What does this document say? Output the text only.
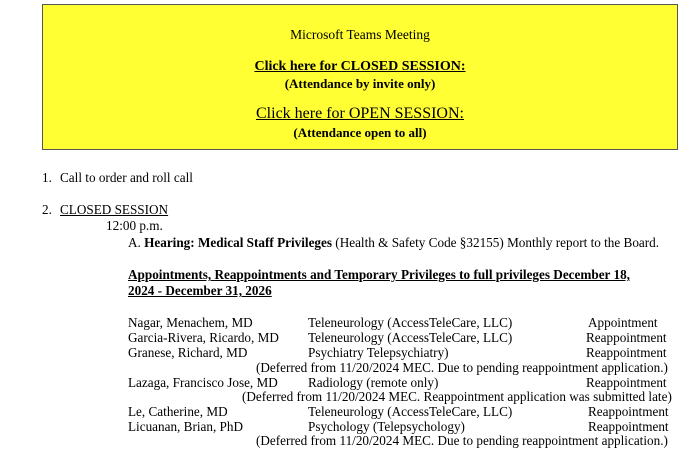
Microsoft Teams Meeting
Click here for CLOSED SESSION:
(Attendance by invite only)
Click here for OPEN SESSION:
(Attendance open to all)
1. Call to order and roll call
2. CLOSED SESSION
12:00 p.m.
A. Hearing: Medical Staff Privileges (Health & Safety Code §32155) Monthly report to the Board.
Appointments, Reappointments and Temporary Privileges to full privileges December 18,
2024 - December 31, 2026
Nagar, Menachem, MD	Teleneurology (AccessTeleCare, LLC)	Appointment
Garcia-Rivera, Ricardo, MD Teleneurology (AccessTeleCare, LLC)	Reappointment
Granese, Richard, MD	Psychiatry Telepsychiatry)	Reappointment
(Deferred from 11/20/2024 MEC. Due to pending reappointment application.)
Lazaga, Francisco Jose, MD Radiology (remote only)	Reappointment
(Deferred from 11/20/2024 MEC. Reappointment application was submitted late)
Le, Catherine, MD	Teleneurology (AccessTeleCare, LLC)	Reappointment
Licuanan, Brian, PhD	Psychology (Telepsychology)	Reappointment
(Deferred from 11/20/2024 MEC. Due to pending reappointment application.)
